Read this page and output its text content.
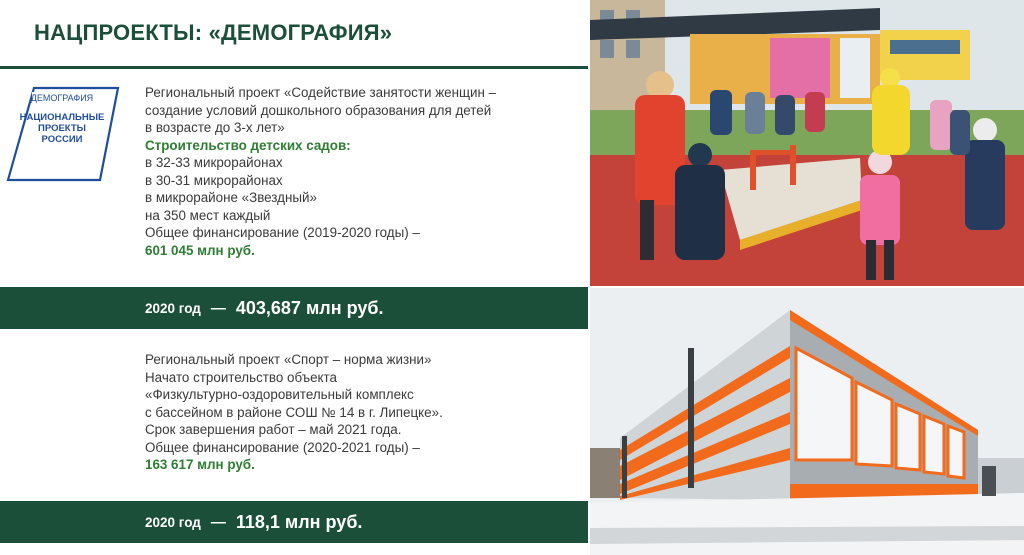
НАЦПРОЕКТЫ: «ДЕМОГРАФИЯ»
ДЕМОГРАФИЯ
НАЦИОНАЛЬНЫЕ
ПРОЕКТЫ
РОССИИ

Региональный проект «Содействие занятости женщин –

создание условий дошкольного образования для детей

в возрасте до 3-х лет»

Строительство детских садов:

в 32-33 микрорайонах

в 30-31 микрорайонах

в микрорайоне «Звездный»

на 350 мест каждый

Общее финансирование (2019-2020 годы) –

601 045 млн руб.

2020 год — 403,687 млн руб.

Региональный проект «Спорт – норма жизни»

Начато строительство объекта

«Физкультурно-оздоровительный комплекс

с бассейном в районе СОШ № 14 в г. Липецке».

Срок завершения работ – май 2021 года.

Общее финансирование (2020-2021 годы) –

163 617 млн руб.

2020 год — 118,1 млн руб.
